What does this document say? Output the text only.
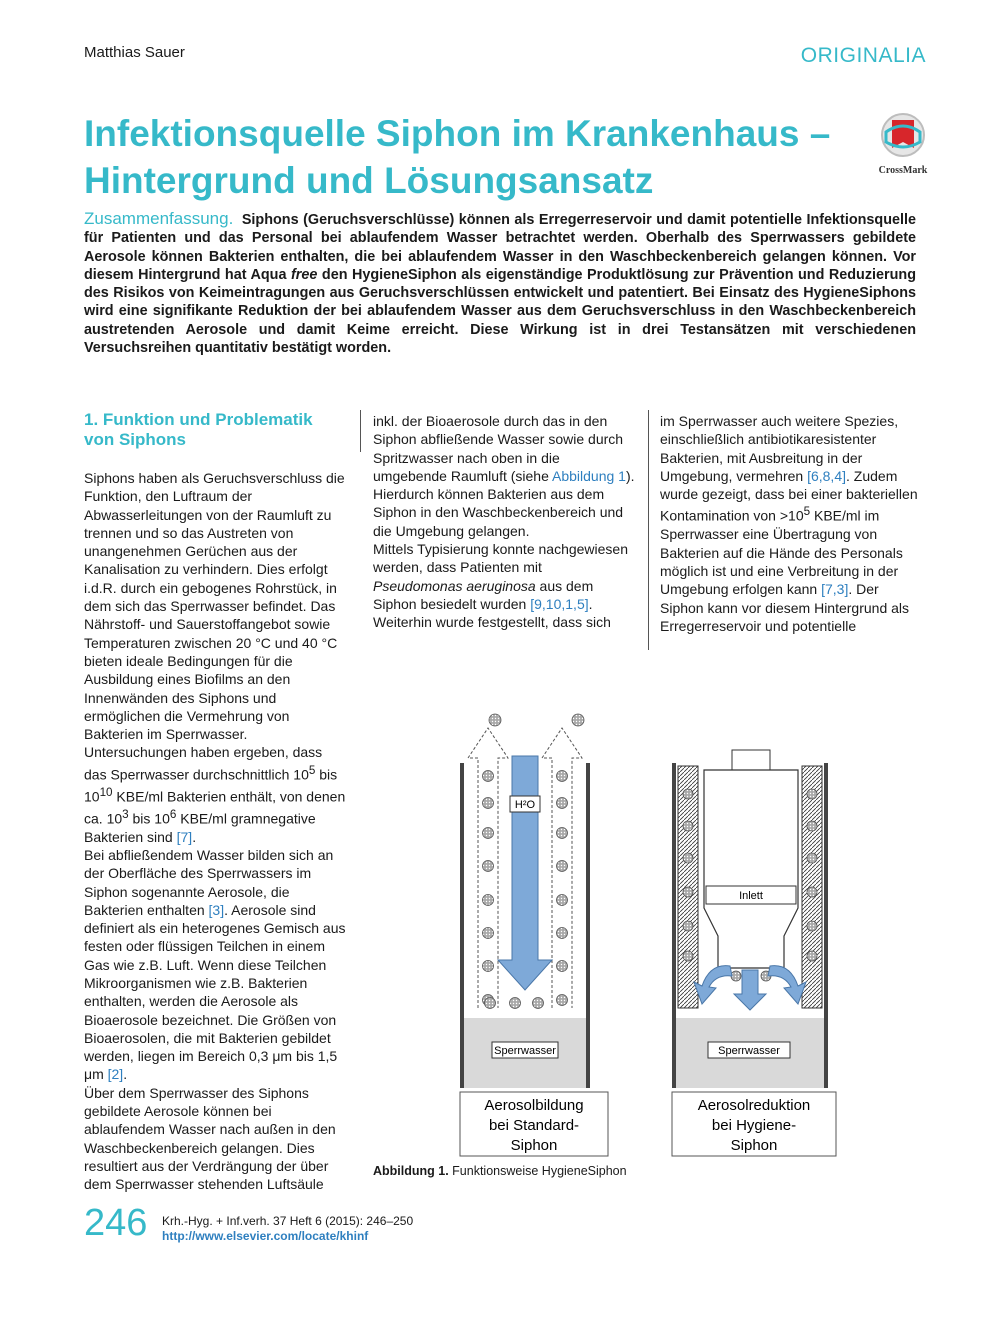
Matthias Sauer	ORIGINALIA
Infektionsquelle Siphon im Krankenhaus –
Hintergrund und Lösungsansatz	CrossMark
Zusammenfassung. Siphons (Geruchsverschlüsse) können als Erregerreservoir und damit potentielle Infektionsquelle für Patienten und das Personal bei ablaufendem Wasser betrachtet werden. Oberhalb des Sperrwassers gebildete Aerosole können Bakterien enthalten, die bei ablaufendem Wasser in den Waschbeckenbereich gelangen können. Vor diesem Hintergrund hat Aqua free den HygieneSiphon als eigenständige Produktlösung zur Prävention und Reduzierung des Risikos von Keimeintragungen aus Geruchsverschlüssen entwickelt und patentiert. Bei Einsatz des HygieneSiphons wird eine signifikante Reduktion der bei ablaufendem Wasser aus dem Geruchsverschluss in den Waschbeckenbereich austretenden Aerosole und damit Keime erreicht. Diese Wirkung ist in drei Testansätzen mit verschiedenen Versuchsreihen quantitativ bestätigt worden.
1. Funktion und Problematik
von Siphons

Siphons haben als Geruchsverschluss die Funktion, den Luftraum der Abwasserleitungen von der Raumluft zu trennen und so das Austreten von unangenehmen Gerüchen aus der Kanalisation zu verhindern. Dies erfolgt i.d.R. durch ein gebogenes Rohrstück, in dem sich das Sperrwasser befindet. Das Nährstoff- und Sauerstoffangebot sowie Temperaturen zwischen 20 °C und 40 °C bieten ideale Bedingungen für die Ausbildung eines Biofilms an den Innenwänden des Siphons und ermöglichen die Vermehrung von Bakterien im Sperrwasser.

Untersuchungen haben ergeben, dass das Sperrwasser durchschnittlich $10^5$ bis $10^{10}$ KBE/ml Bakterien enthält, von denen ca. $10^3$ bis $10^6$ KBE/ml gramnegative Bakterien sind [7].

Bei abfließendem Wasser bilden sich an der Oberfläche des Sperrwassers im Siphon sogenannte Aerosole, die Bakterien enthalten [3]. Aerosole sind definiert als ein heterogenes Gemisch aus festen oder flüssigen Teilchen in einem Gas wie z.B. Luft. Wenn diese Teilchen Mikroorganismen wie z.B. Bakterien enthalten, werden die Aerosole als Bioaerosole bezeichnet. Die Größen von Bioaerosolen, die mit Bakterien gebildet werden, liegen im Bereich 0,3 μm bis 1,5 μm [2].

Über dem Sperrwasser des Siphons gebildete Aerosole können bei ablaufendem Wasser nach außen in den Waschbeckenbereich gelangen. Dies resultiert aus der Verdrängung der über dem Sperrwasser stehenden Luftsäule

inkl. der Bioaerosole durch das in den Siphon abfließende Wasser sowie durch Spritzwasser nach oben in die umgebende Raumluft (siehe Abbildung 1). Hierdurch können Bakterien aus dem Siphon in den Waschbeckenbereich und die Umgebung gelangen.

Mittels Typisierung konnte nachgewiesen werden, dass Patienten mit Pseudomonas aeruginosa aus dem Siphon besiedelt wurden [9,10,1,5].

Weiterhin wurde festgestellt, dass sich

im Sperrwasser auch weitere Spezies, einschließlich antibiotikaresistenter Bakterien, mit Ausbreitung in der Umgebung, vermehren [6,8,4]. Zudem wurde gezeigt, dass bei einer bakteriellen Kontamination von $>10^5$ KBE/ml im Sperrwasser eine Übertragung von Bakterien auf die Hände des Personals möglich ist und eine Verbreitung in der Umgebung erfolgen kann [7,3]. Der Siphon kann vor diesem Hintergrund als Erregerreservoir und potentielle

H²O
Sperrwasser
Aerosolbildung
bei Standard-
Siphon
Inlett
Sperrwasser
Aerosolreduktion
bei Hygiene-
Siphon
Abbildung 1. Funktionsweise HygieneSiphon
246 Krh.-Hyg. + Inf.verh. 37 Heft 6 (2015): 246–250
http://www.elsevier.com/locate/khinf
